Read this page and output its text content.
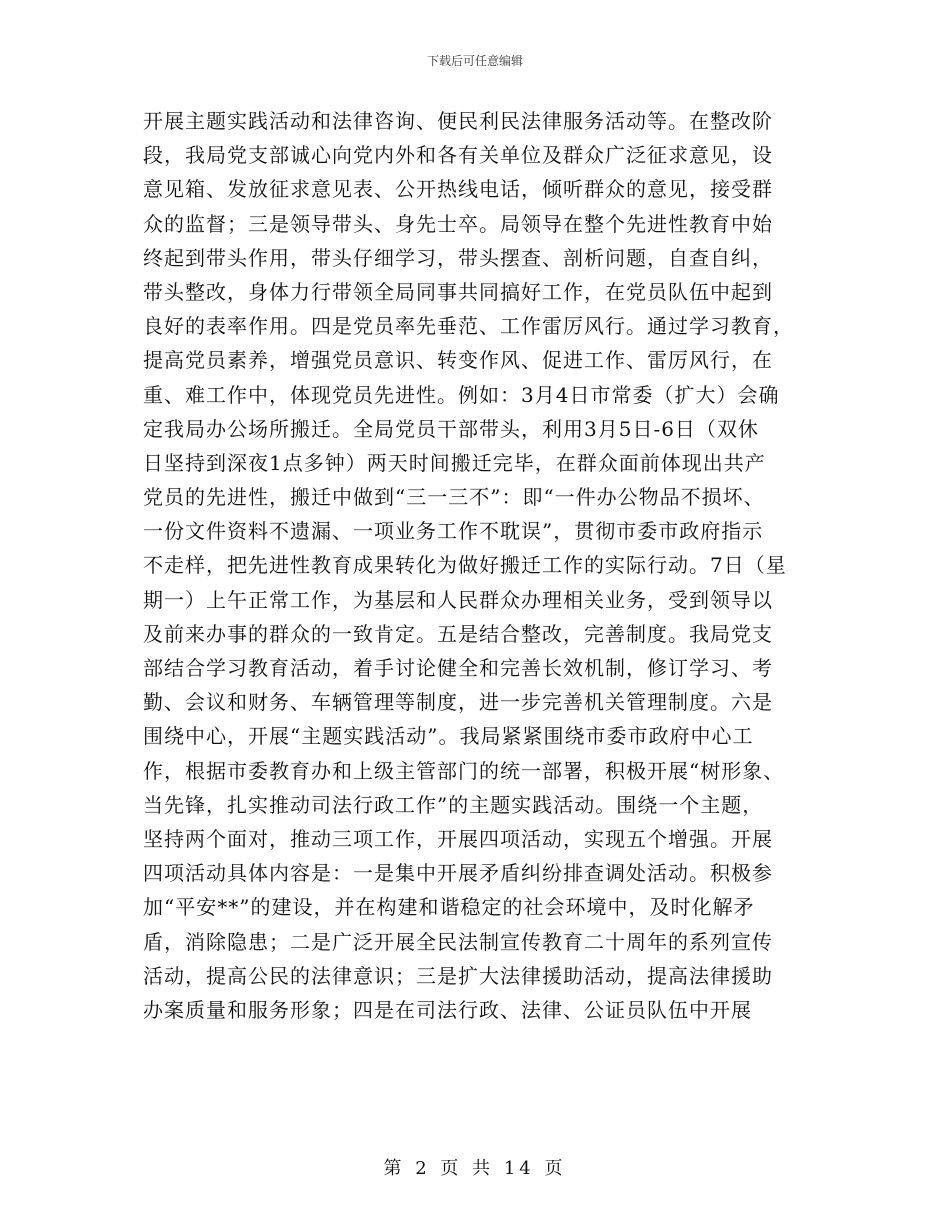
下载后可任意编辑
开展主题实践活动和法律咨询、便民利民法律服务活动等。在整改阶
段，我局党支部诚心向党内外和各有关单位及群众广泛征求意见，设
意见箱、发放征求意见表、公开热线电话，倾听群众的意见，接受群
众的监督；三是领导带头、身先士卒。局领导在整个先进性教育中始
终起到带头作用，带头仔细学习，带头摆查、剖析问题，自查自纠，
带头整改，身体力行带领全局同事共同搞好工作，在党员队伍中起到
良好的表率作用。四是党员率先垂范、工作雷厉风行。通过学习教育，
提高党员素养，增强党员意识、转变作风、促进工作、雷厉风行，在
重、难工作中，体现党员先进性。例如：3月4日市常委（扩大）会确
定我局办公场所搬迁。全局党员干部带头，利用3月5日-6日（双休
日坚持到深夜1点多钟）两天时间搬迁完毕，在群众面前体现出共产
党员的先进性，搬迁中做到“三一三不”：即“一件办公物品不损坏、
一份文件资料不遗漏、一项业务工作不耽误”，贯彻市委市政府指示
不走样，把先进性教育成果转化为做好搬迁工作的实际行动。7日（星
期一）上午正常工作，为基层和人民群众办理相关业务，受到领导以
及前来办事的群众的一致肯定。五是结合整改，完善制度。我局党支
部结合学习教育活动，着手讨论健全和完善长效机制，修订学习、考
勤、会议和财务、车辆管理等制度，进一步完善机关管理制度。六是
围绕中心，开展“主题实践活动”。我局紧紧围绕市委市政府中心工
作，根据市委教育办和上级主管部门的统一部署，积极开展“树形象、
当先锋，扎实推动司法行政工作”的主题实践活动。围绕一个主题，
坚持两个面对，推动三项工作，开展四项活动，实现五个增强。开展
四项活动具体内容是：一是集中开展矛盾纠纷排查调处活动。积极参
加“平安**”的建设，并在构建和谐稳定的社会环境中，及时化解矛
盾，消除隐患；二是广泛开展全民法制宣传教育二十周年的系列宣传
活动，提高公民的法律意识；三是扩大法律援助活动，提高法律援助
办案质量和服务形象；四是在司法行政、法律、公证员队伍中开展
第 2 页 共 14 页
